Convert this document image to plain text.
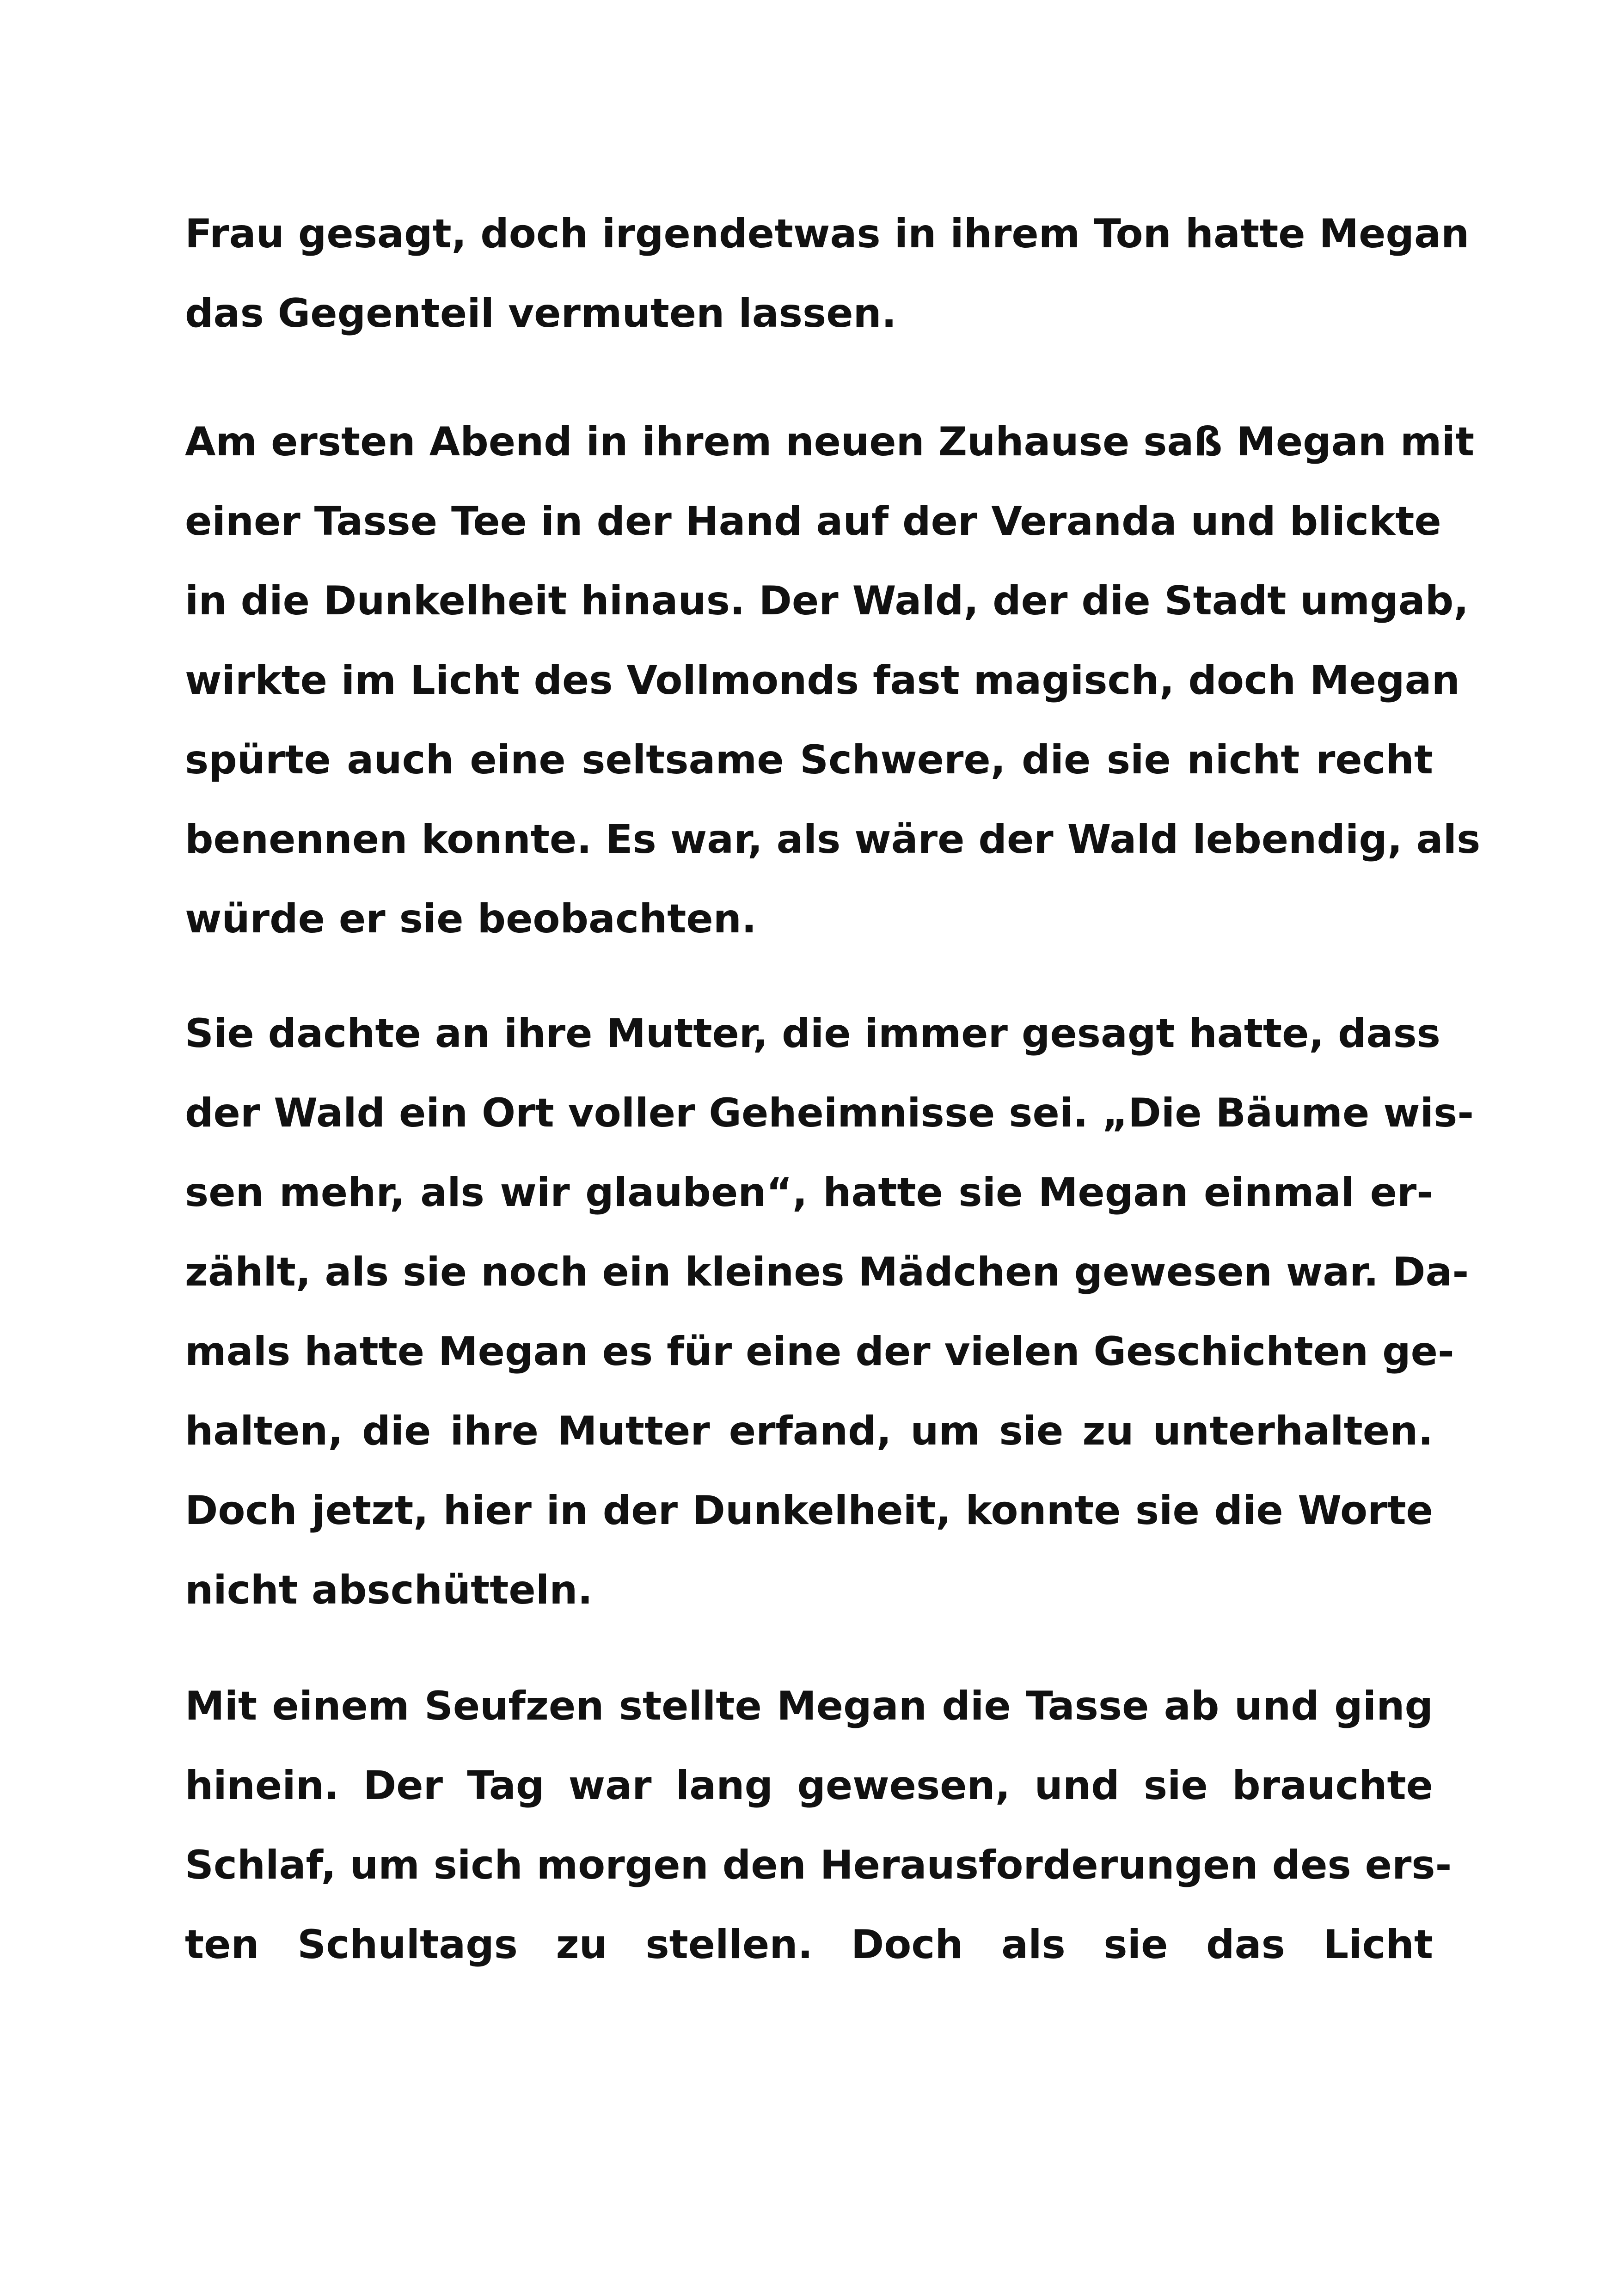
Frau gesagt, doch irgendetwas in ihrem Ton hatte Megan
das Gegenteil vermuten lassen.
Am ersten Abend in ihrem neuen Zuhause saß Megan mit
einer Tasse Tee in der Hand auf der Veranda und blickte
in die Dunkelheit hinaus. Der Wald, der die Stadt umgab,
wirkte im Licht des Vollmonds fast magisch, doch Megan
spürte auch eine seltsame Schwere, die sie nicht recht
benennen konnte. Es war, als wäre der Wald lebendig, als
würde er sie beobachten.
Sie dachte an ihre Mutter, die immer gesagt hatte, dass
der Wald ein Ort voller Geheimnisse sei. „Die Bäume wis-
sen mehr, als wir glauben“, hatte sie Megan einmal er-
zählt, als sie noch ein kleines Mädchen gewesen war. Da-
mals hatte Megan es für eine der vielen Geschichten ge-
halten, die ihre Mutter erfand, um sie zu unterhalten.
Doch jetzt, hier in der Dunkelheit, konnte sie die Worte
nicht abschütteln.
Mit einem Seufzen stellte Megan die Tasse ab und ging
hinein. Der Tag war lang gewesen, und sie brauchte
Schlaf, um sich morgen den Herausforderungen des ers-
ten Schultags zu stellen. Doch als sie das Licht
